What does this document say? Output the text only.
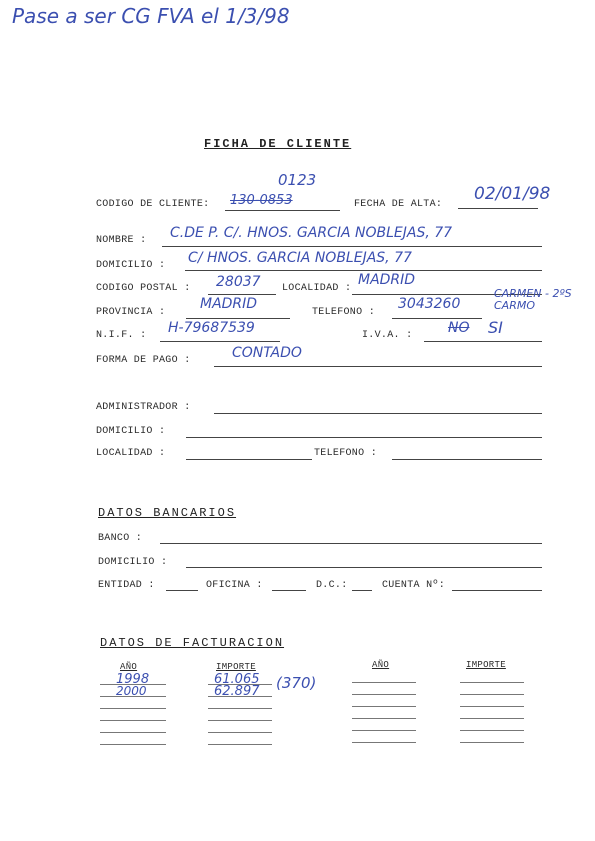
Pase a ser CG FVA el 1/3/98
FICHA DE CLIENTE
CODIGO DE CLIENTE:
0123
130-0853	FECHA DE ALTA:
02/01/98
NOMBRE : C.DE P. C/. HNOS. GARCIA NOBLEJAS, 77
DOMICILIO : C/ HNOS. GARCIA NOBLEJAS, 77
CODIGO POSTAL : 28037 LOCALIDAD :
MADRID
PROVINCIA :
MADRID
TELEFONO :
3043260
CARMEN - 2ºS CARMO
N.I.F. : H-79687539	I.V.A. :	NO SI
FORMA DE PAGO :	CONTADO
ADMINISTRADOR :
DOMICILIO :
LOCALIDAD :	TELEFONO :
DATOS BANCARIOS
BANCO :
DOMICILIO :
ENTIDAD :	OFICINA :	D.C.:	CUENTA Nº:
DATOS DE FACTURACION
AÑO	IMPORTE	AÑO	IMPORTE
1998	61.065
2000	62.897 (370)
